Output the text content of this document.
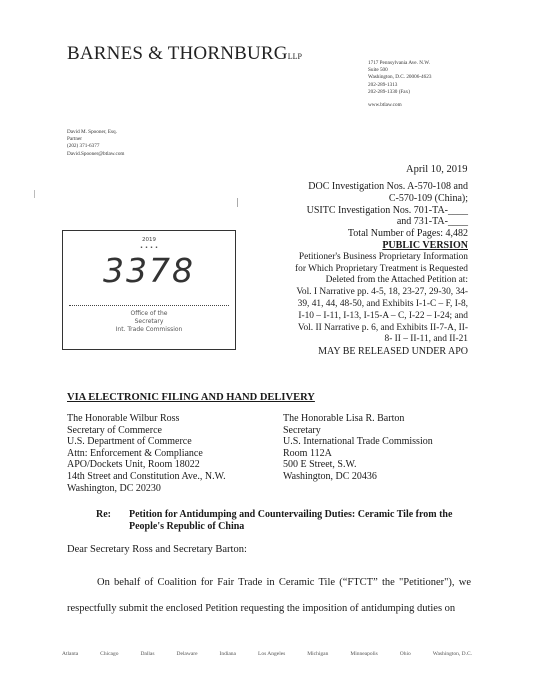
BARNES & THORNBURGLLP
1717 Pennsylvania Ave. N.W.
Suite 500
Washington, D.C. 20006-4623
202-289-1313
202-289-1330 (Fax)
www.btlaw.com
David M. Spooner, Esq.
Partner
(202) 371-6377
David.Spooner@btlaw.com
April 10, 2019
DOC Investigation Nos. A-570-108 and
C-570-109 (China);
USITC Investigation Nos. 701-TA-____
and 731-TA-____
Total Number of Pages: 4,482
PUBLIC VERSION
Petitioner's Business Proprietary Information
for Which Proprietary Treatment is Requested
Deleted from the Attached Petition at:
Vol. I Narrative pp. 4-5, 18, 23-27, 29-30, 34-
39, 41, 44, 48-50, and Exhibits I-1-C – F, I-8,
I-10 – I-11, I-13, I-15-A – C, I-22 – I-24; and
Vol. II Narrative p. 6, and Exhibits II-7-A, II-
8- II – II-11, and II-21
MAY BE RELEASED UNDER APO
2019
• • • •
3378
Office of the
Secretary
Int. Trade Commission
VIA ELECTRONIC FILING AND HAND DELIVERY
The Honorable Wilbur Ross
Secretary of Commerce
U.S. Department of Commerce
Attn: Enforcement & Compliance
APO/Dockets Unit, Room 18022
14th Street and Constitution Ave., N.W.
Washington, DC 20230
The Honorable Lisa R. Barton
Secretary
U.S. International Trade Commission
Room 112A
500 E Street, S.W.
Washington, DC 20436
Re: Petition for Antidumping and Countervailing Duties: Ceramic Tile from the People's Republic of China
Dear Secretary Ross and Secretary Barton:
On behalf of Coalition for Fair Trade in Ceramic Tile (“FTCT” the "Petitioner"), we respectfully submit the enclosed Petition requesting the imposition of antidumping duties on
Atlanta	Chicago	Dallas	Delaware	Indiana	Los Angeles	Michigan	Minneapolis	Ohio	Washington, D.C.
